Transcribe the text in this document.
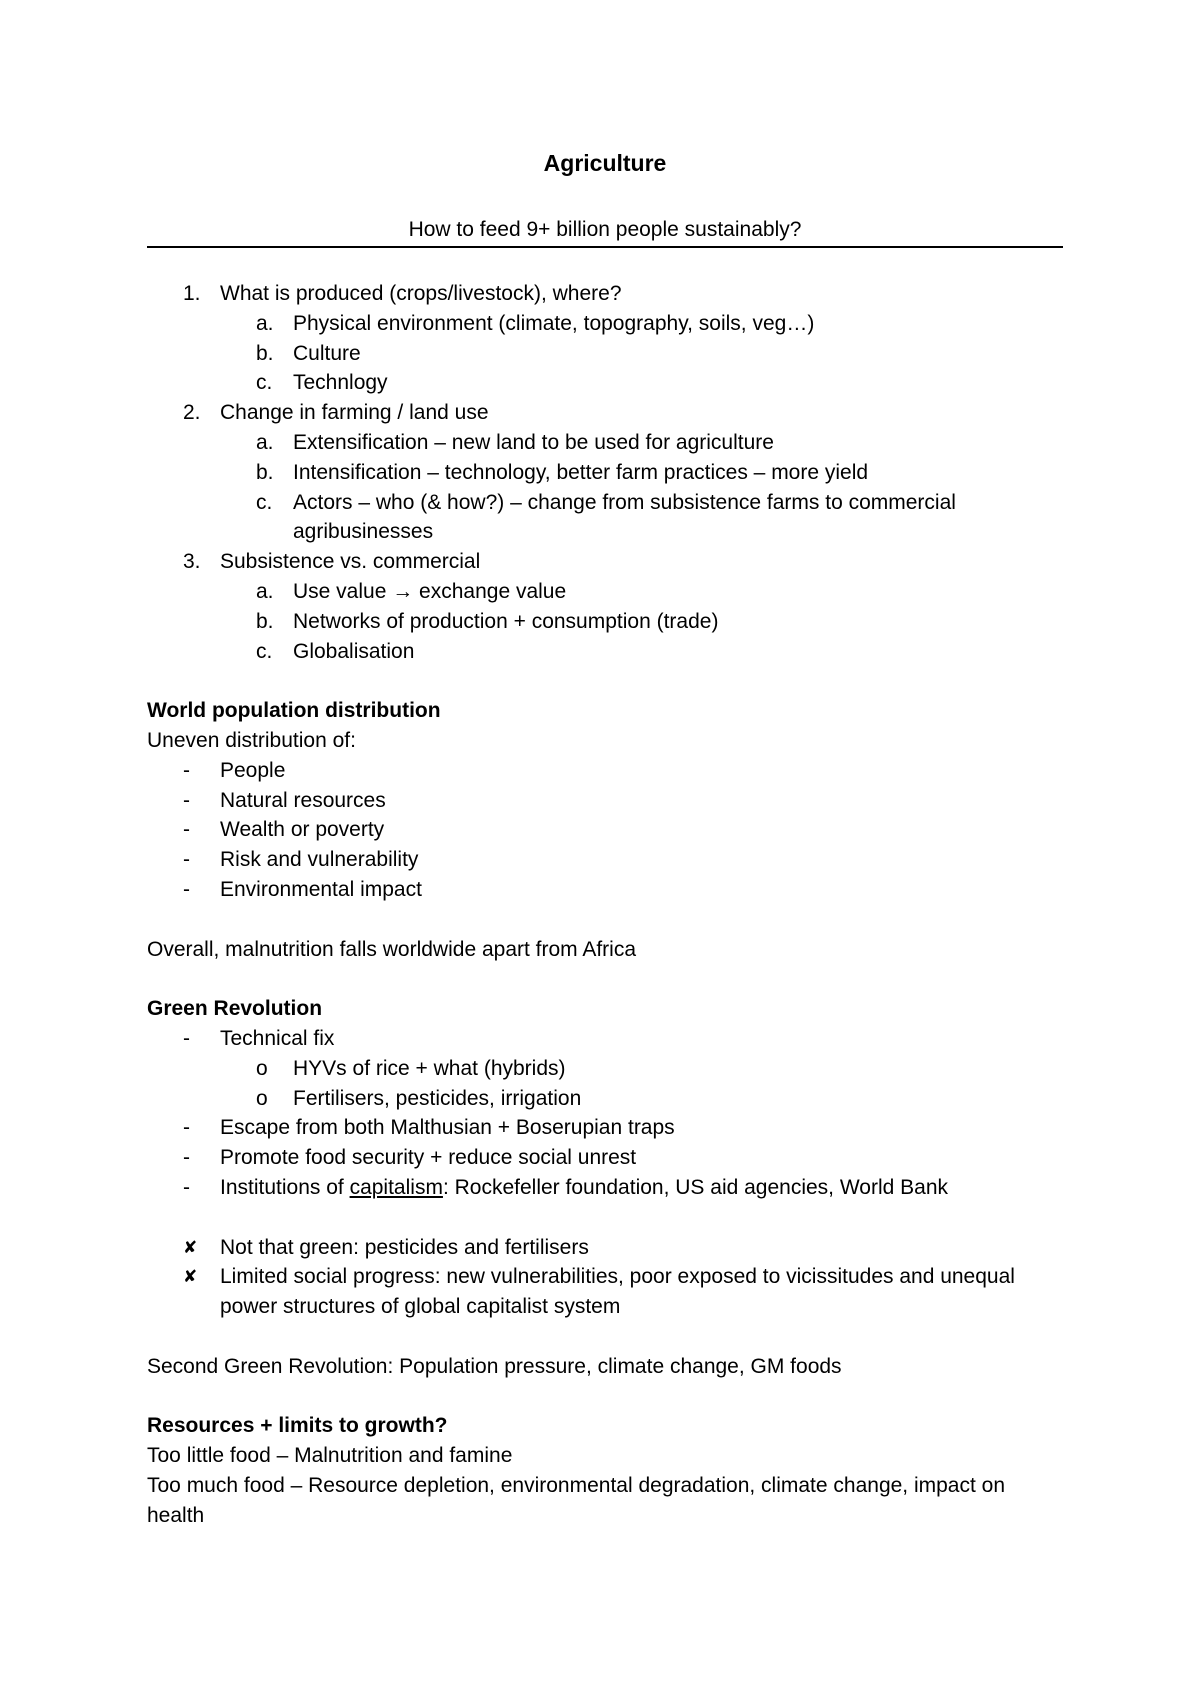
Agriculture
How to feed 9+ billion people sustainably?
1. What is produced (crops/livestock), where?
a. Physical environment (climate, topography, soils, veg…)
b. Culture
c. Technlogy
2. Change in farming / land use
a. Extensification – new land to be used for agriculture
b. Intensification – technology, better farm practices – more yield
c. Actors – who (& how?) – change from subsistence farms to commercial agribusinesses
3. Subsistence vs. commercial
a. Use value → exchange value
b. Networks of production + consumption (trade)
c. Globalisation
World population distribution
Uneven distribution of:
- People
- Natural resources
- Wealth or poverty
- Risk and vulnerability
- Environmental impact
Overall, malnutrition falls worldwide apart from Africa
Green Revolution
- Technical fix
o HYVs of rice + what (hybrids)
o Fertilisers, pesticides, irrigation
- Escape from both Malthusian + Boserupian traps
- Promote food security + reduce social unrest
- Institutions of capitalism: Rockefeller foundation, US aid agencies, World Bank
✘ Not that green: pesticides and fertilisers
✘ Limited social progress: new vulnerabilities, poor exposed to vicissitudes and unequal power structures of global capitalist system
Second Green Revolution: Population pressure, climate change, GM foods
Resources + limits to growth?
Too little food – Malnutrition and famine
Too much food – Resource depletion, environmental degradation, climate change, impact on health
